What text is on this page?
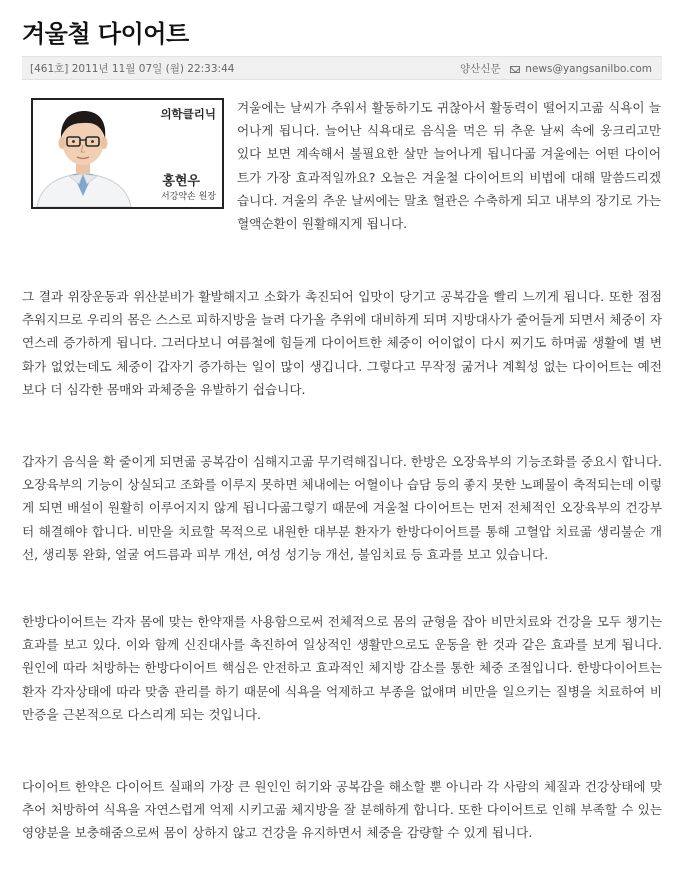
겨울철 다이어트
[461호] 2011년 11월 07일 (월) 22:33:44	양산신문 news@yangsanilbo.com
의학클리닉
홍현우
서강약손 원장

겨울에는 날씨가 추워서 활동하기도 귀찮아서 활동력이 떨어지고곪 식욕이 늘어나게 됩니다. 늘어난 식욕대로 음식을 먹은 뒤 추운 날씨 속에 웅크리고만 있다 보면 계속해서 불필요한 살만 늘어나게 됩니다곪 겨울에는 어떤 다이어트가 가장 효과적일까요? 오늘은 겨울철 다이어트의 비법에 대해 말씀드리겠습니다. 겨울의 추운 날씨에는 말초 혈관은 수축하게 되고 내부의 장기로 가는 혈액순환이 원활해지게 됩니다.

그 결과 위장운동과 위산분비가 활발해지고 소화가 촉진되어 입맛이 당기고 공복감을 빨리 느끼게 됩니다. 또한 점점 추워지므로 우리의 몸은 스스로 피하지방을 늘려 다가올 추위에 대비하게 되며 지방대사가 줄어들게 되면서 체중이 자연스레 증가하게 됩니다. 그러다보니 여름철에 힘들게 다이어트한 체중이 어이없이 다시 찌기도 하며곪 생활에 별 변화가 없었는데도 체중이 갑자기 증가하는 일이 많이 생깁니다. 그렇다고 무작정 굶거나 계획성 없는 다이어트는 예전보다 더 심각한 몸매와 과체중을 유발하기 쉽습니다.

갑자기 음식을 확 줄이게 되면곪 공복감이 심해지고곪 무기력해집니다. 한방은 오장육부의 기능조화를 중요시 합니다. 오장육부의 기능이 상실되고 조화를 이루지 못하면 체내에는 어혈이나 습담 등의 좋지 못한 노폐물이 축적되는데 이렇게 되면 배설이 원활히 이루어지지 않게 됩니다곪그렇기 때문에 겨울철 다이어트는 먼저 전체적인 오장육부의 건강부터 해결해야 합니다. 비만을 치료할 목적으로 내원한 대부분 환자가 한방다이어트를 통해 고혈압 치료곪 생리불순 개선, 생리통 완화, 얼굴 여드름과 피부 개선, 여성 성기능 개선, 불임치료 등 효과를 보고 있습니다.

한방다이어트는 각자 몸에 맞는 한약재를 사용함으로써 전체적으로 몸의 균형을 잡아 비만치료와 건강을 모두 챙기는 효과를 보고 있다. 이와 함께 신진대사를 촉진하여 일상적인 생활만으로도 운동을 한 것과 같은 효과를 보게 됩니다. 원인에 따라 처방하는 한방다이어트 핵심은 안전하고 효과적인 체지방 감소를 통한 체중 조절입니다. 한방다이어트는 환자 각자상태에 따라 맞춤 관리를 하기 때문에 식욕을 억제하고 부종을 없애며 비만을 일으키는 질병을 치료하여 비만증을 근본적으로 다스리게 되는 것입니다.

다이어트 한약은 다이어트 실패의 가장 큰 원인인 허기와 공복감을 해소할 뿐 아니라 각 사람의 체질과 건강상태에 맞추어 처방하여 식욕을 자연스럽게 억제 시키고곪 체지방을 잘 분해하게 합니다. 또한 다이어트로 인해 부족할 수 있는 영양분을 보충해줌으로써 몸이 상하지 않고 건강을 유지하면서 체중을 감량할 수 있게 됩니다.
